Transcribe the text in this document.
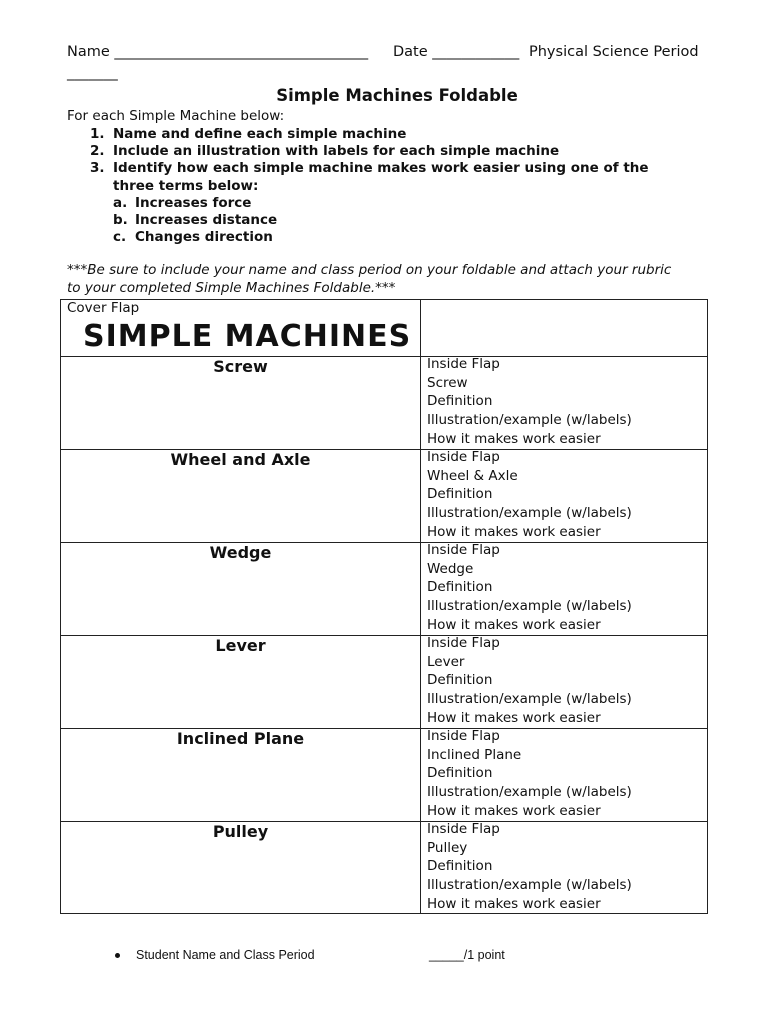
Name ___________________________________ Date ____________ Physical Science Period
_______
Simple Machines Foldable
For each Simple Machine below:
1. Name and define each simple machine
2. Include an illustration with labels for each simple machine
3. Identify how each simple machine makes work easier using one of the
three terms below:
a. Increases force
b. Increases distance
c. Changes direction
***Be sure to include your name and class period on your foldable and attach your rubric
to your completed Simple Machines Foldable.***
Cover Flap
SIMPLE MACHINES
Screw	Inside Flap
Screw
Definition
Illustration/example (w/labels)
How it makes work easier
Wheel and Axle	Inside Flap
Wheel & Axle
Definition
Illustration/example (w/labels)
How it makes work easier
Wedge	Inside Flap
Wedge
Definition
Illustration/example (w/labels)
How it makes work easier
Lever	Inside Flap
Lever
Definition
Illustration/example (w/labels)
How it makes work easier
Inclined Plane	Inside Flap
Inclined Plane
Definition
Illustration/example (w/labels)
How it makes work easier
Pulley	Inside Flap
Pulley
Definition
Illustration/example (w/labels)
How it makes work easier
Student Name and Class Period	_____/1 point
